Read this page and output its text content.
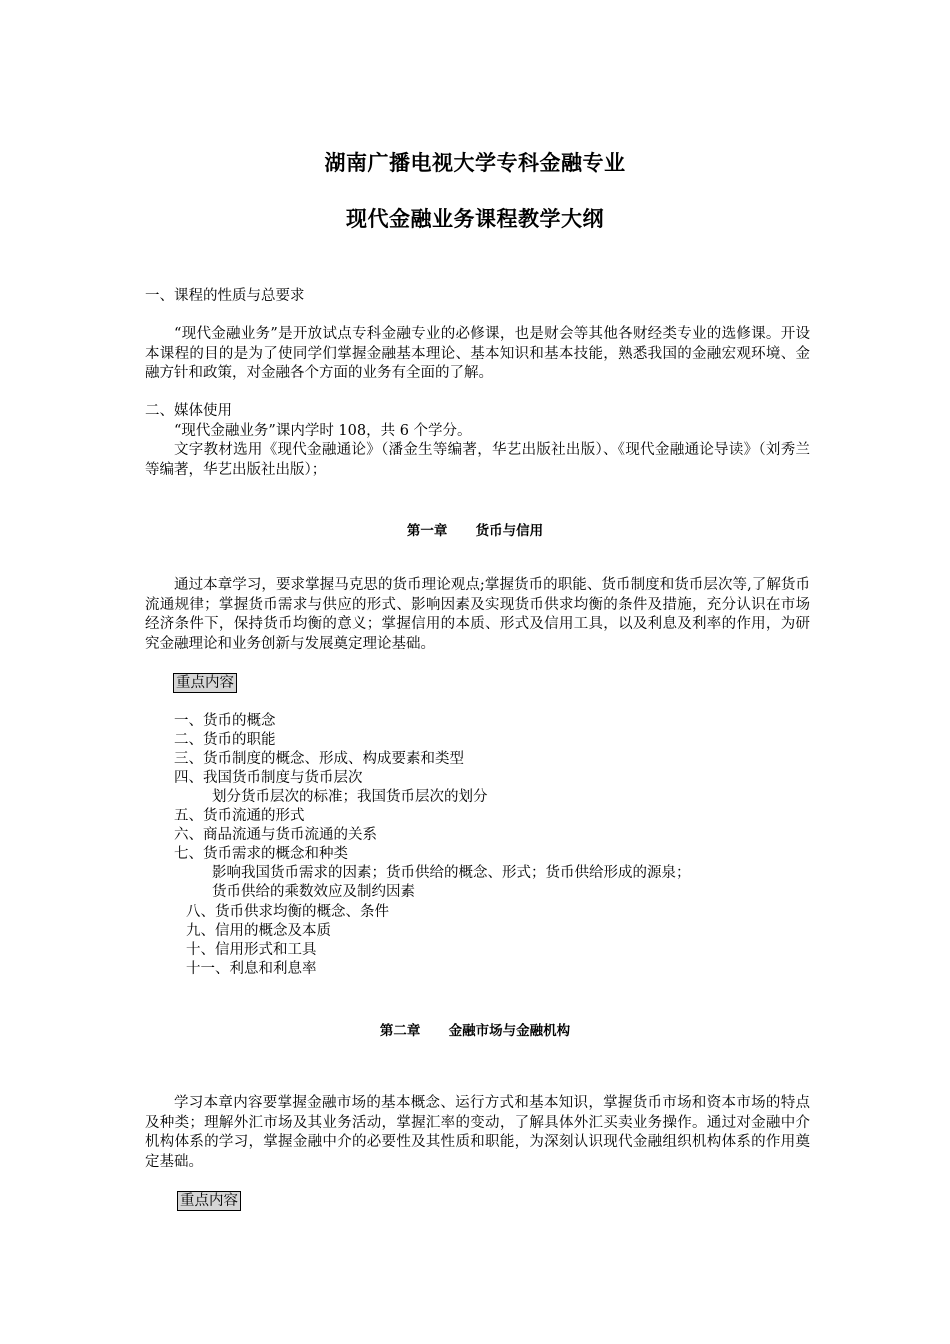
湖南广播电视大学专科金融专业
现代金融业务课程教学大纲
一、课程的性质与总要求
“现代金融业务”是开放试点专科金融专业的必修课，也是财会等其他各财经类专业的选修课。开设本课程的目的是为了使同学们掌握金融基本理论、基本知识和基本技能，熟悉我国的金融宏观环境、金融方针和政策，对金融各个方面的业务有全面的了解。
二、媒体使用
“现代金融业务”课内学时 108，共 6 个学分。
文字教材选用《现代金融通论》（潘金生等编著，华艺出版社出版）、《现代金融通论导读》（刘秀兰等编著，华艺出版社出版）；
第一章      货币与信用
通过本章学习，要求掌握马克思的货币理论观点;掌握货币的职能、货币制度和货币层次等,了解货币流通规律；掌握货币需求与供应的形式、影响因素及实现货币供求均衡的条件及措施，充分认识在市场经济条件下，保持货币均衡的意义；掌握信用的本质、形式及信用工具，以及利息及利率的作用，为研究金融理论和业务创新与发展奠定理论基础。
重点内容
一、货币的概念
二、货币的职能
三、货币制度的概念、形成、构成要素和类型
四、我国货币制度与货币层次
划分货币层次的标准；我国货币层次的划分
五、货币流通的形式
六、商品流通与货币流通的关系
七、货币需求的概念和种类
影响我国货币需求的因素；货币供给的概念、形式；货币供给形成的源泉；
货币供给的乘数效应及制约因素
八、货币供求均衡的概念、条件
九、信用的概念及本质
十、信用形式和工具
十一、利息和利息率
第二章      金融市场与金融机构
学习本章内容要掌握金融市场的基本概念、运行方式和基本知识，掌握货币市场和资本市场的特点及种类；理解外汇市场及其业务活动，掌握汇率的变动，了解具体外汇买卖业务操作。通过对金融中介机构体系的学习，掌握金融中介的必要性及其性质和职能，为深刻认识现代金融组织机构体系的作用奠定基础。
重点内容
